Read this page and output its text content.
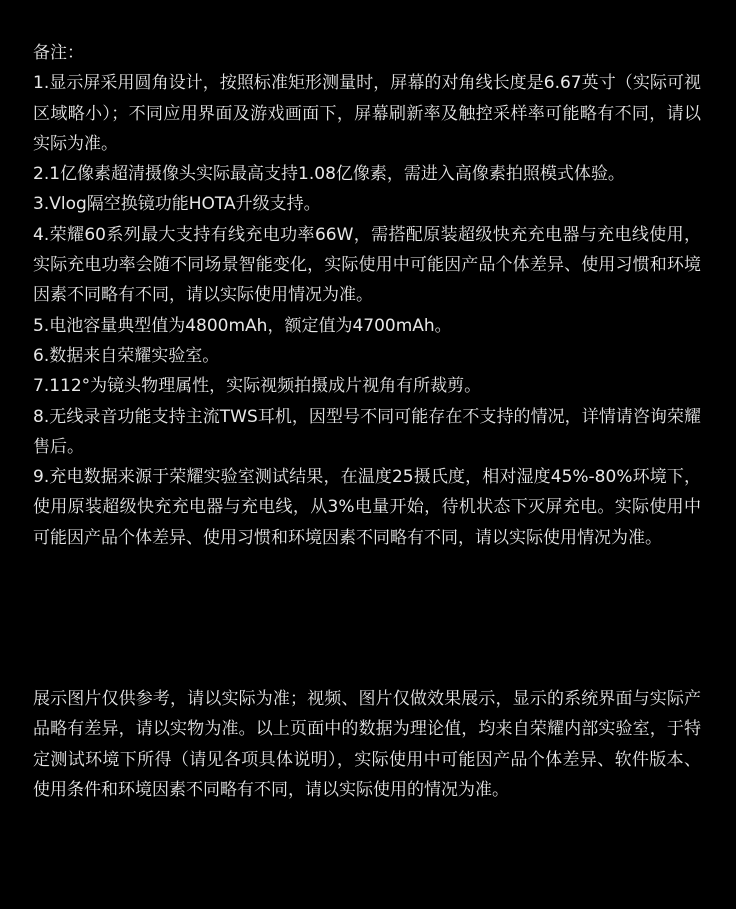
备注：

1.显示屏采用圆角设计，按照标准矩形测量时，屏幕的对角线长度是6.67英寸（实际可视区域略小）；不同应用界面及游戏画面下，屏幕刷新率及触控采样率可能略有不同，请以实际为准。

2.1亿像素超清摄像头实际最高支持1.08亿像素，需进入高像素拍照模式体验。

3.Vlog隔空换镜功能HOTA升级支持。

4.荣耀60系列最大支持有线充电功率66W，需搭配原装超级快充充电器与充电线使用，实际充电功率会随不同场景智能变化，实际使用中可能因产品个体差异、使用习惯和环境因素不同略有不同，请以实际使用情况为准。

5.电池容量典型值为4800mAh，额定值为4700mAh。

6.数据来自荣耀实验室。

7.112°为镜头物理属性，实际视频拍摄成片视角有所裁剪。

8.无线录音功能支持主流TWS耳机，因型号不同可能存在不支持的情况，详情请咨询荣耀售后。

9.充电数据来源于荣耀实验室测试结果，在温度25摄氏度，相对湿度45%-80%环境下，使用原装超级快充充电器与充电线，从3%电量开始，待机状态下灭屏充电。实际使用中可能因产品个体差异、使用习惯和环境因素不同略有不同，请以实际使用情况为准。

展示图片仅供参考，请以实际为准；视频、图片仅做效果展示，显示的系统界面与实际产品略有差异，请以实物为准。以上页面中的数据为理论值，均来自荣耀内部实验室，于特定测试环境下所得（请见各项具体说明），实际使用中可能因产品个体差异、软件版本、使用条件和环境因素不同略有不同，请以实际使用的情况为准。
